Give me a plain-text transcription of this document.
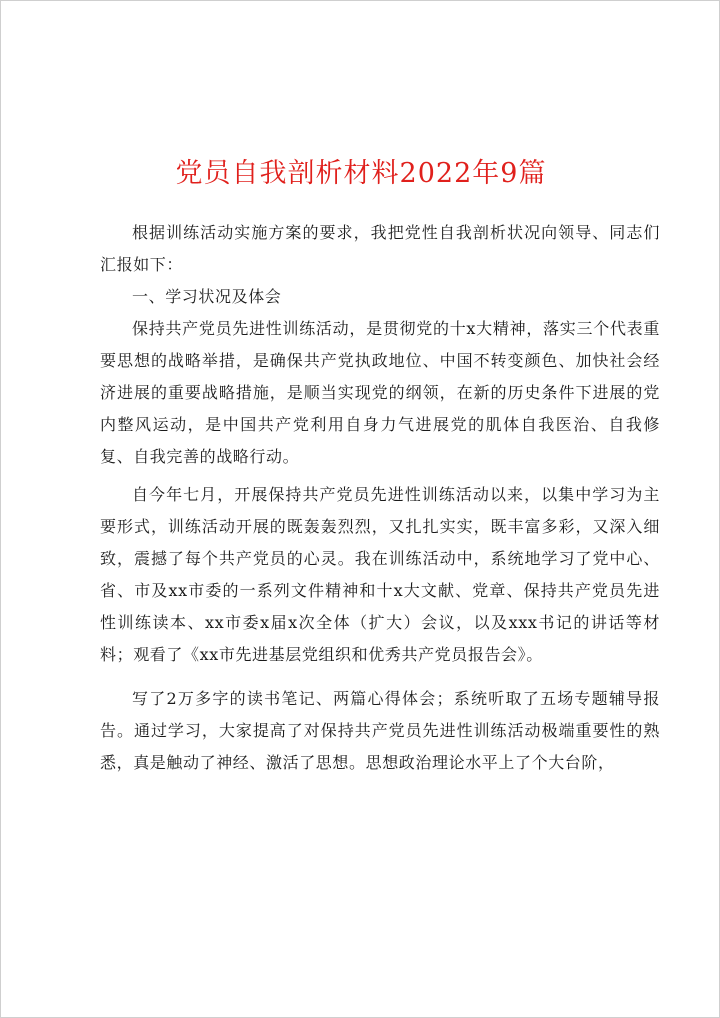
党员自我剖析材料2022年9篇

根据训练活动实施方案的要求，我把党性自我剖析状况向领导、同志们汇报如下：

一、学习状况及体会

保持共产党员先进性训练活动，是贯彻党的十x大精神，落实三个代表重要思想的战略举措，是确保共产党执政地位、中国不转变颜色、加快社会经济进展的重要战略措施，是顺当实现党的纲领，在新的历史条件下进展的党内整风运动，是中国共产党利用自身力气进展党的肌体自我医治、自我修复、自我完善的战略行动。

自今年七月，开展保持共产党员先进性训练活动以来，以集中学习为主要形式，训练活动开展的既轰轰烈烈，又扎扎实实，既丰富多彩，又深入细致，震撼了每个共产党员的心灵。我在训练活动中，系统地学习了党中心、省、市及xx市委的一系列文件精神和十x大文献、党章、保持共产党员先进性训练读本、xx市委x届x次全体（扩大）会议，以及xxx书记的讲话等材料；观看了《xx市先进基层党组织和优秀共产党员报告会》。

写了2万多字的读书笔记、两篇心得体会；系统听取了五场专题辅导报告。通过学习，大家提高了对保持共产党员先进性训练活动极端重要性的熟悉，真是触动了神经、激活了思想。思想政治理论水平上了个大台阶，
